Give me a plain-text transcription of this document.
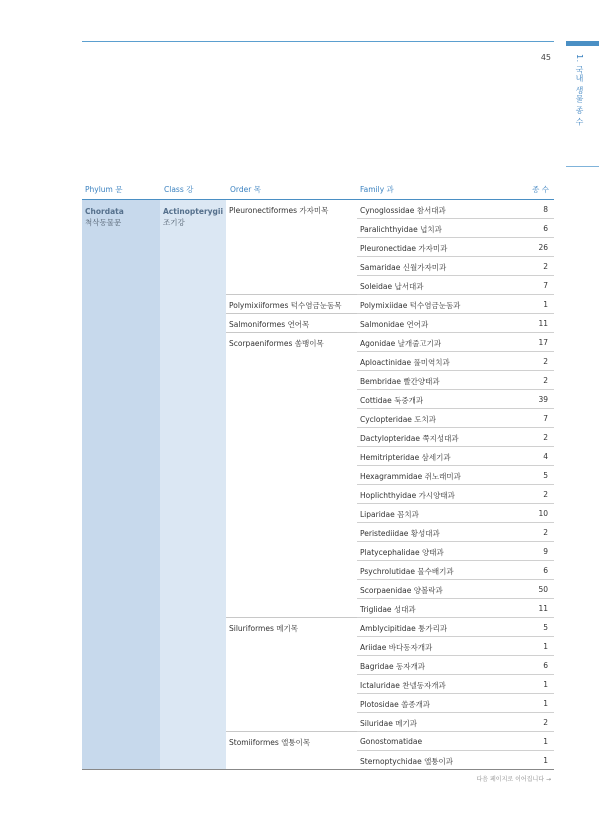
45	1. 국내 생물 종 수
Phylum 문	Class 강	Order 목	Family 과	종 수
Chordata
척삭동물문
Actinopterygii
조기강
Pleuronectiformes 가자미목	Cynoglossidae 참서대과	8
Paralichthyidae 넙치과	6
Pleuronectidae 가자미과	26
Samaridae 신월가자미과	2
Soleidae 납서대과	7
Polymixiiformes 턱수염금눈돔목 Polymixiidae 턱수염금눈돔과	1
Salmoniformes 연어목	Salmonidae 연어과	11
Scorpaeniformes 쏨뱅이목	Agonidae 날개줄고기과	17
Aploactinidae 풀미역치과	2
Bembridae 빨간양태과	2
Cottidae 둑중개과	39
Cyclopteridae 도치과	7
Dactylopteridae 쭉지성대과	2
Hemitripteridae 삼세기과	4
Hexagrammidae 쥐노래미과	5
Hoplichthyidae 가시양태과	2
Liparidae 꼼치과	10
Peristediidae 황성대과	2
Platycephalidae 양태과	9
Psychrolutidae 물수배기과	6
Scorpaenidae 양볼락과	50
Triglidae 성대과	11
Siluriformes 메기목	Amblycipitidae 퉁가리과	5
Ariidae 바다동자개과	1
Bagridae 동자개과	6
Ictaluridae 찬넬동자개과	1
Plotosidae 쏠종개과	1
Siluridae 메기과	2
Stomiiformes 앨퉁이목	Gonostomatidae	1
Sternoptychidae 앨퉁이과	1
다음 페이지로 이어집니다 →
